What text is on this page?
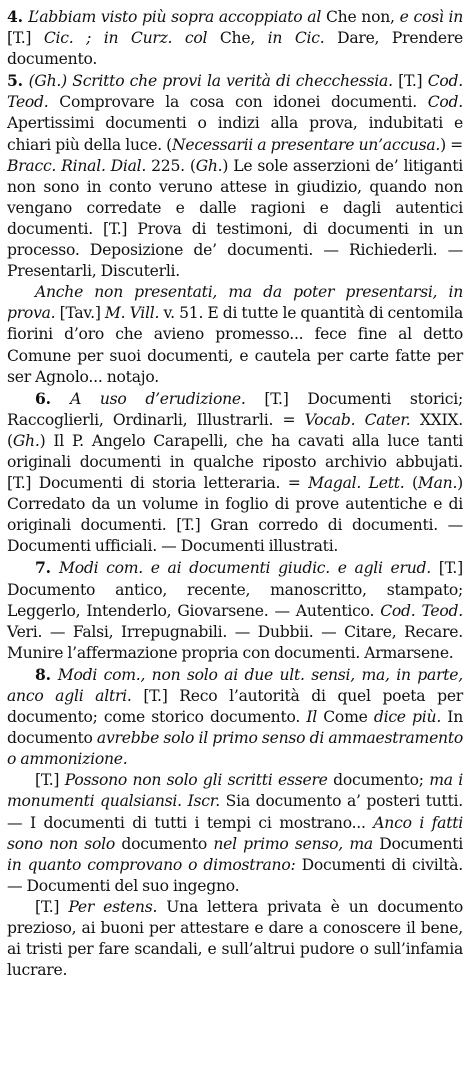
4. L’abbiam visto più sopra accoppiato al Che non, e così in [T.] Cic. ; in Curz. col Che, in Cic. Dare, Prendere documento.

5. (Gh.) Scritto che provi la verità di checchessia. [T.] Cod. Teod. Comprovare la cosa con idonei documenti. Cod. Apertissimi documenti o indizi alla prova, indubitati e chiari più della luce. (Necessarii a presentare un’accusa.) = Bracc. Rinal. Dial. 225. (Gh.) Le sole asserzioni de’ litiganti non sono in conto veruno attese in giudizio, quando non vengano corredate e dalle ragioni e dagli autentici documenti. [T.] Prova di testimoni, di documenti in un processo. Deposizione de’ documenti. — Richiederli. — Presentarli, Discuterli.

Anche non presentati, ma da poter presentarsi, in prova. [Tav.] M. Vill. v. 51. E di tutte le quantità di centomila fiorini d’oro che avieno promesso... fece fine al detto Comune per suoi documenti, e cautela per carte fatte per ser Agnolo... notajo.

6. A uso d’erudizione. [T.] Documenti storici; Raccoglierli, Ordinarli, Illustrarli. = Vocab. Cater. XXIX. (Gh.) Il P. Angelo Carapelli, che ha cavati alla luce tanti originali documenti in qualche riposto archivio abbujati. [T.] Documenti di storia letteraria. = Magal. Lett. (Man.) Corredato da un volume in foglio di prove autentiche e di originali documenti. [T.] Gran corredo di documenti. — Documenti ufficiali. — Documenti illustrati.

7. Modi com. e ai documenti giudic. e agli erud. [T.] Documento antico, recente, manoscritto, stampato; Leggerlo, Intenderlo, Giovarsene. — Autentico. Cod. Teod. Veri. — Falsi, Irrepugnabili. — Dubbii. — Citare, Recare. Munire l’affermazione propria con documenti. Armarsene.

8. Modi com., non solo ai due ult. sensi, ma, in parte, anco agli altri. [T.] Reco l’autorità di quel poeta per documento; come storico documento. Il Come dice più. In documento avrebbe solo il primo senso di ammaestramento o ammonizione.

[T.] Possono non solo gli scritti essere documento; ma i monumenti qualsiansi. Iscr. Sia documento a’ posteri tutti. — I documenti di tutti i tempi ci mostrano... Anco i fatti sono non solo documento nel primo senso, ma Documenti in quanto comprovano o dimostrano: Documenti di civiltà. — Documenti del suo ingegno.

[T.] Per estens. Una lettera privata è un documento prezioso, ai buoni per attestare e dare a conoscere il bene, ai tristi per fare scandali, e sull’altrui pudore o sull’infamia lucrare.
